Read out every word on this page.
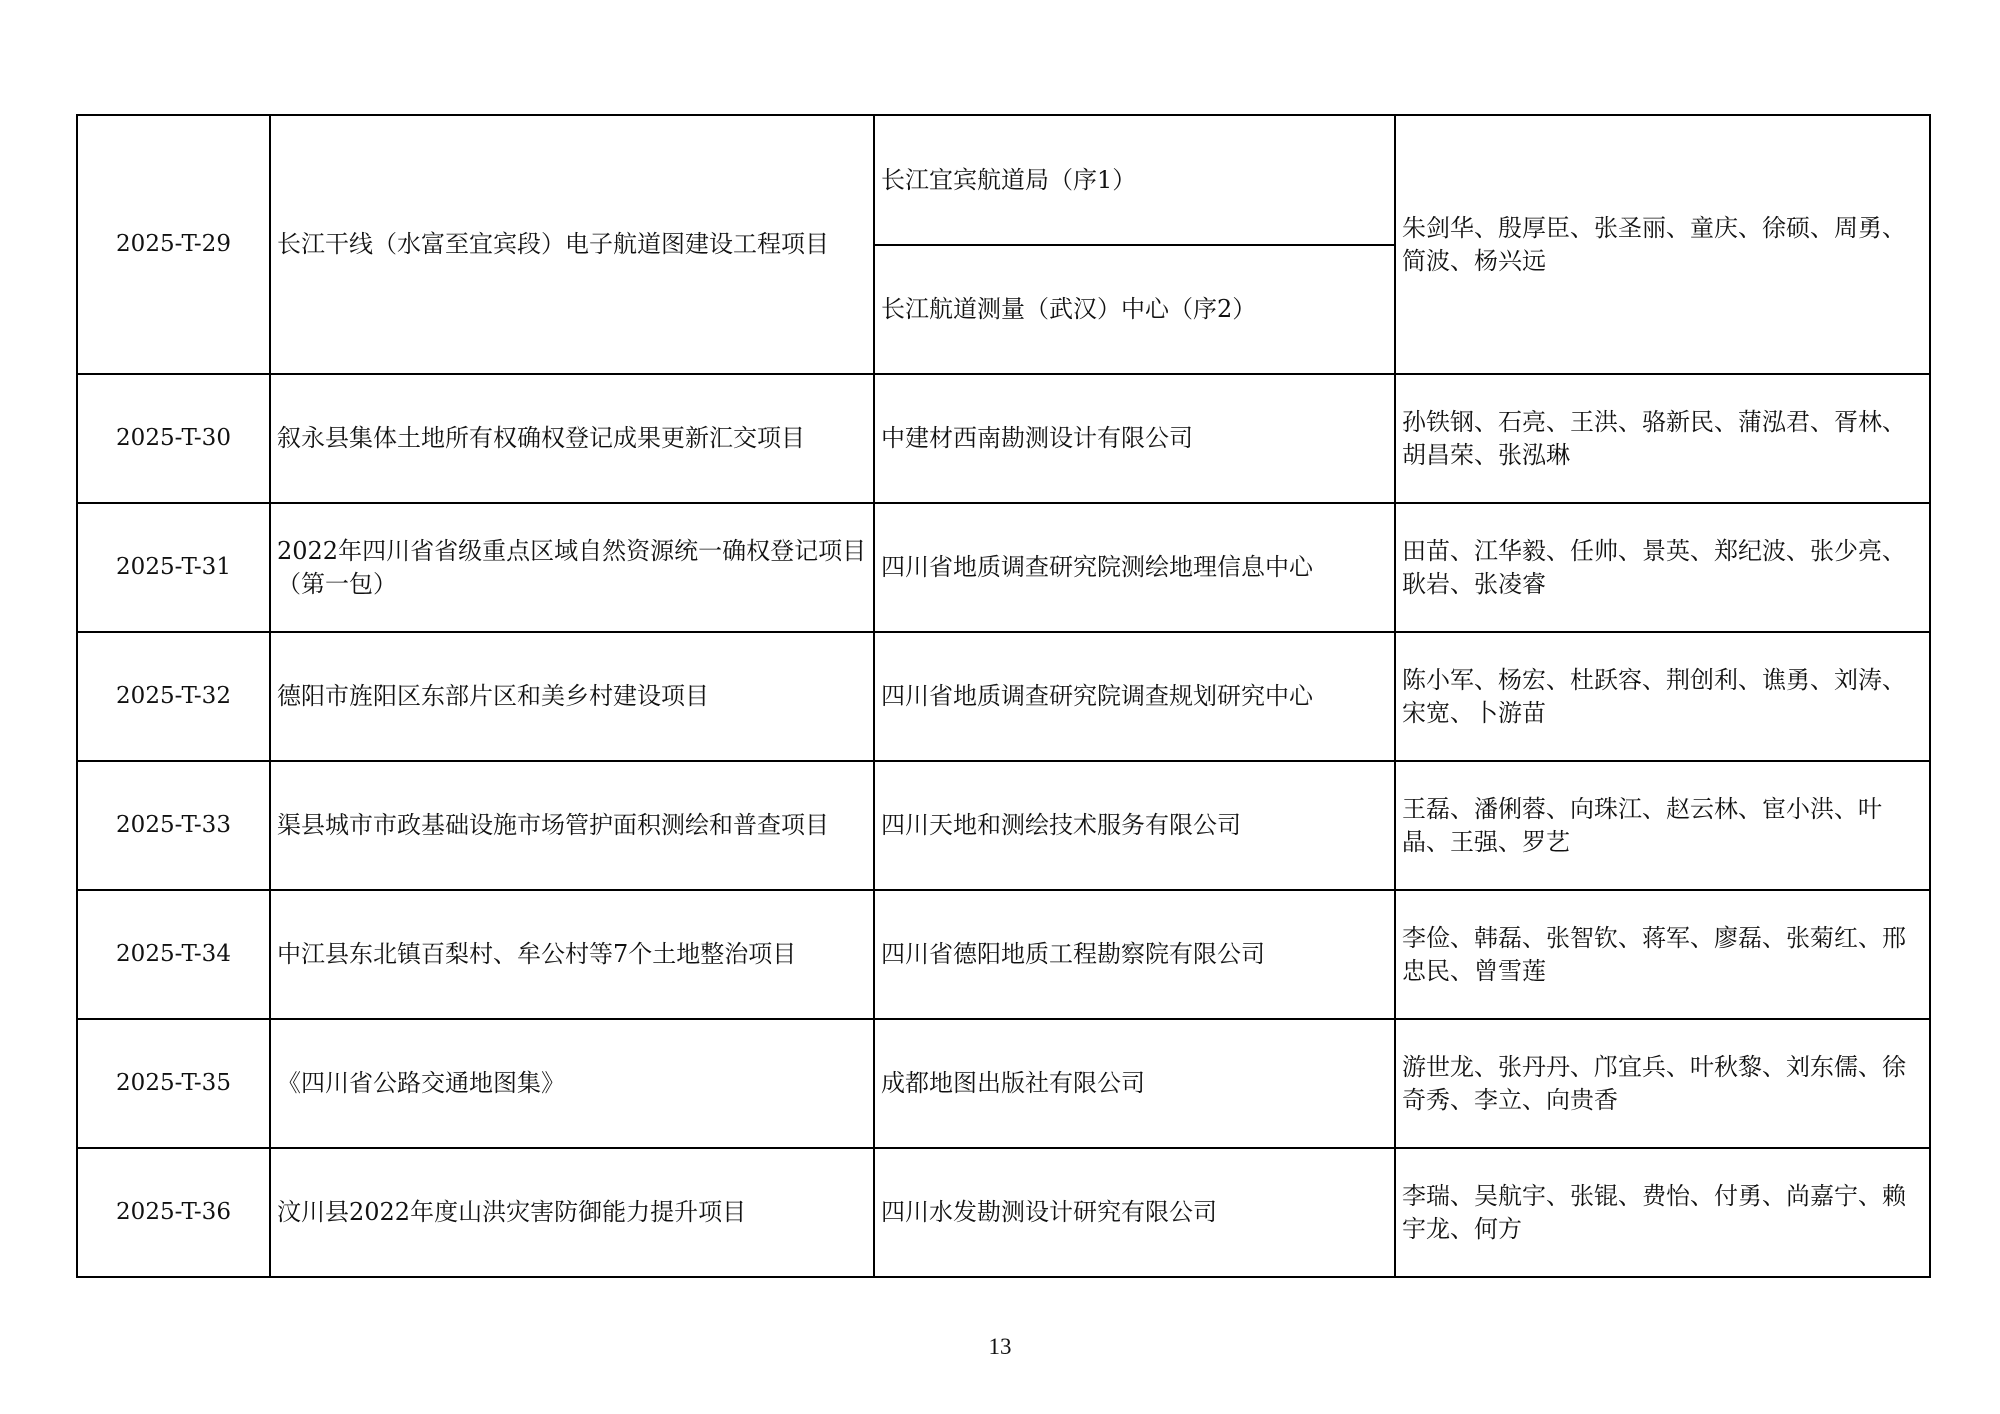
2025-T-29	长江干线（水富至宜宾段）电子航道图建设工程项目	长江宜宾航道局（序1）	朱剑华、殷厚臣、张圣丽、童庆、徐硕、周勇、简波、杨兴远
		长江航道测量（武汉）中心（序2）	
2025-T-30	叙永县集体土地所有权确权登记成果更新汇交项目	中建材西南勘测设计有限公司	孙铁钢、石亮、王洪、骆新民、蒲泓君、胥林、胡昌荣、张泓琳
2025-T-31	2022年四川省省级重点区域自然资源统一确权登记项目（第一包）	四川省地质调查研究院测绘地理信息中心	田苗、江华毅、任帅、景英、郑纪波、张少亮、耿岩、张凌睿
2025-T-32	德阳市旌阳区东部片区和美乡村建设项目	四川省地质调查研究院调查规划研究中心	陈小军、杨宏、杜跃容、荆创利、谯勇、刘涛、宋宽、卜游苗
2025-T-33	渠县城市市政基础设施市场管护面积测绘和普查项目	四川天地和测绘技术服务有限公司	王磊、潘俐蓉、向珠江、赵云林、宦小洪、叶晶、王强、罗艺
2025-T-34	中江县东北镇百梨村、牟公村等7个土地整治项目	四川省德阳地质工程勘察院有限公司	李俭、韩磊、张智钦、蒋军、廖磊、张菊红、邢忠民、曾雪莲
2025-T-35	《四川省公路交通地图集》	成都地图出版社有限公司	游世龙、张丹丹、邝宜兵、叶秋黎、刘东儒、徐奇秀、李立、向贵香
2025-T-36	汶川县2022年度山洪灾害防御能力提升项目	四川水发勘测设计研究有限公司	李瑞、吴航宇、张锟、费怡、付勇、尚嘉宁、赖宇龙、何方
13
